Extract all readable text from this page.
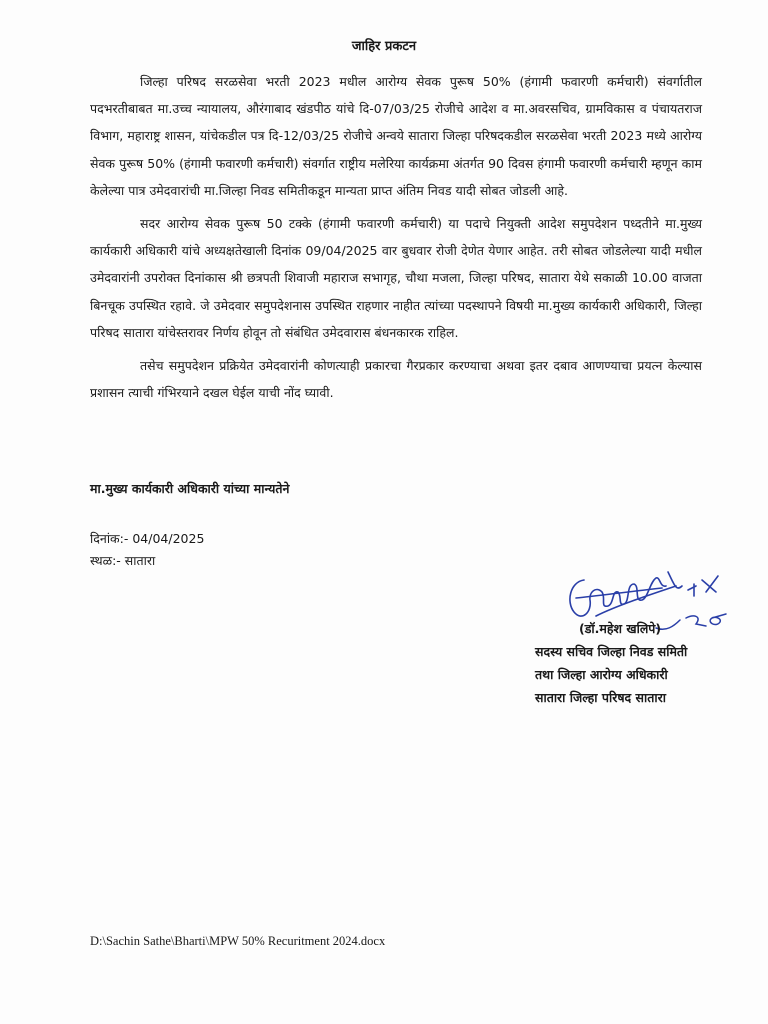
जाहिर प्रकटन

जिल्हा परिषद सरळसेवा भरती 2023 मधील आरोग्य सेवक पुरूष 50% (हंगामी फवारणी कर्मचारी) संवर्गातील पदभरतीबाबत मा.उच्च न्यायालय, औरंगाबाद खंडपीठ यांचे दि-07/03/25 रोजीचे आदेश व मा.अवरसचिव, ग्रामविकास व पंचायतराज विभाग, महाराष्ट्र शासन, यांचेकडील पत्र दि-12/03/25 रोजीचे अन्वये सातारा जिल्हा परिषदकडील सरळसेवा भरती 2023 मध्ये आरोग्य सेवक पुरूष 50% (हंगामी फवारणी कर्मचारी) संवर्गात राष्ट्रीय मलेरिया कार्यक्रमा अंतर्गत 90 दिवस हंगामी फवारणी कर्मचारी म्हणून काम केलेल्या पात्र उमेदवारांची मा.जिल्हा निवड समितीकडून मान्यता प्राप्त अंतिम निवड यादी सोबत जोडली आहे.

सदर आरोग्य सेवक पुरूष 50 टक्के (हंगामी फवारणी कर्मचारी) या पदाचे नियुक्ती आदेश समुपदेशन पध्दतीने मा.मुख्य कार्यकारी अधिकारी यांचे अध्यक्षतेखाली दिनांक 09/04/2025 वार बुधवार रोजी देणेत येणार आहेत. तरी सोबत जोडलेल्या यादी मधील उमेदवारांनी उपरोक्त दिनांकास श्री छत्रपती शिवाजी महाराज सभागृह, चौथा मजला, जिल्हा परिषद, सातारा येथे सकाळी 10.00 वाजता बिनचूक उपस्थित रहावे. जे उमेदवार समुपदेशनास उपस्थित राहणार नाहीत त्यांच्या पदस्थापने विषयी मा.मुख्य कार्यकारी अधिकारी, जिल्हा परिषद सातारा यांचेस्तरावर निर्णय होवून तो संबंधित उमेदवारास बंधनकारक राहिल.

तसेच समुपदेशन प्रक्रियेत उमेदवारांनी कोणत्याही प्रकारचा गैरप्रकार करण्याचा अथवा इतर दबाव आणण्याचा प्रयत्न केल्यास प्रशासन त्याची गंभिरयाने दखल घेईल याची नोंद घ्यावी.

मा.मुख्य कार्यकारी अधिकारी यांच्या मान्यतेने
दिनांक:- 04/04/2025
स्थळ:- सातारा
(डॉ.महेश खलिपे)
सदस्य सचिव जिल्हा निवड समिती
तथा जिल्हा आरोग्य अधिकारी
सातारा जिल्हा परिषद सातारा
D:\Sachin Sathe\Bharti\MPW 50% Recuritment 2024.docx
